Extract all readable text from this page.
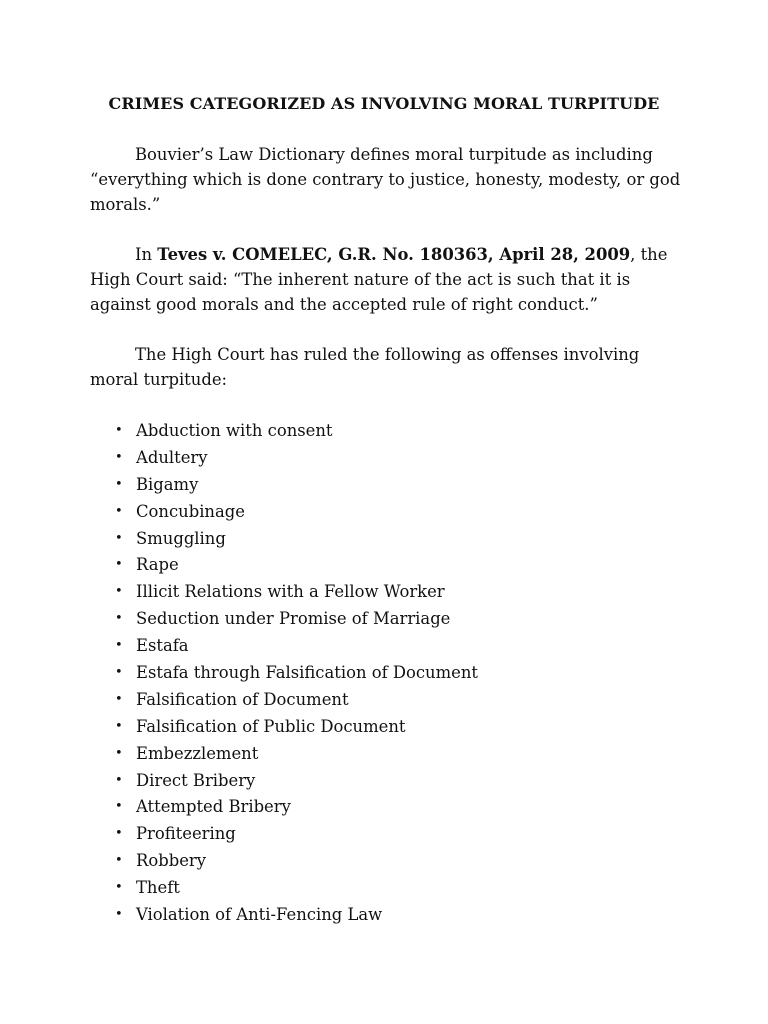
CRIMES CATEGORIZED AS INVOLVING MORAL TURPITUDE

Bouvier’s Law Dictionary defines moral turpitude as including “everything which is done contrary to justice, honesty, modesty, or god morals.”

In Teves v. COMELEC, G.R. No. 180363, April 28, 2009, the High Court said: “The inherent nature of the act is such that it is against good morals and the accepted rule of right conduct.”

The High Court has ruled the following as offenses involving moral turpitude:

• Abduction with consent
• Adultery
• Bigamy
• Concubinage
• Smuggling
• Rape
• Illicit Relations with a Fellow Worker
• Seduction under Promise of Marriage
• Estafa
• Estafa through Falsification of Document
• Falsification of Document
• Falsification of Public Document
• Embezzlement
• Direct Bribery
• Attempted Bribery
• Profiteering
• Robbery
• Theft
• Violation of Anti-Fencing Law
